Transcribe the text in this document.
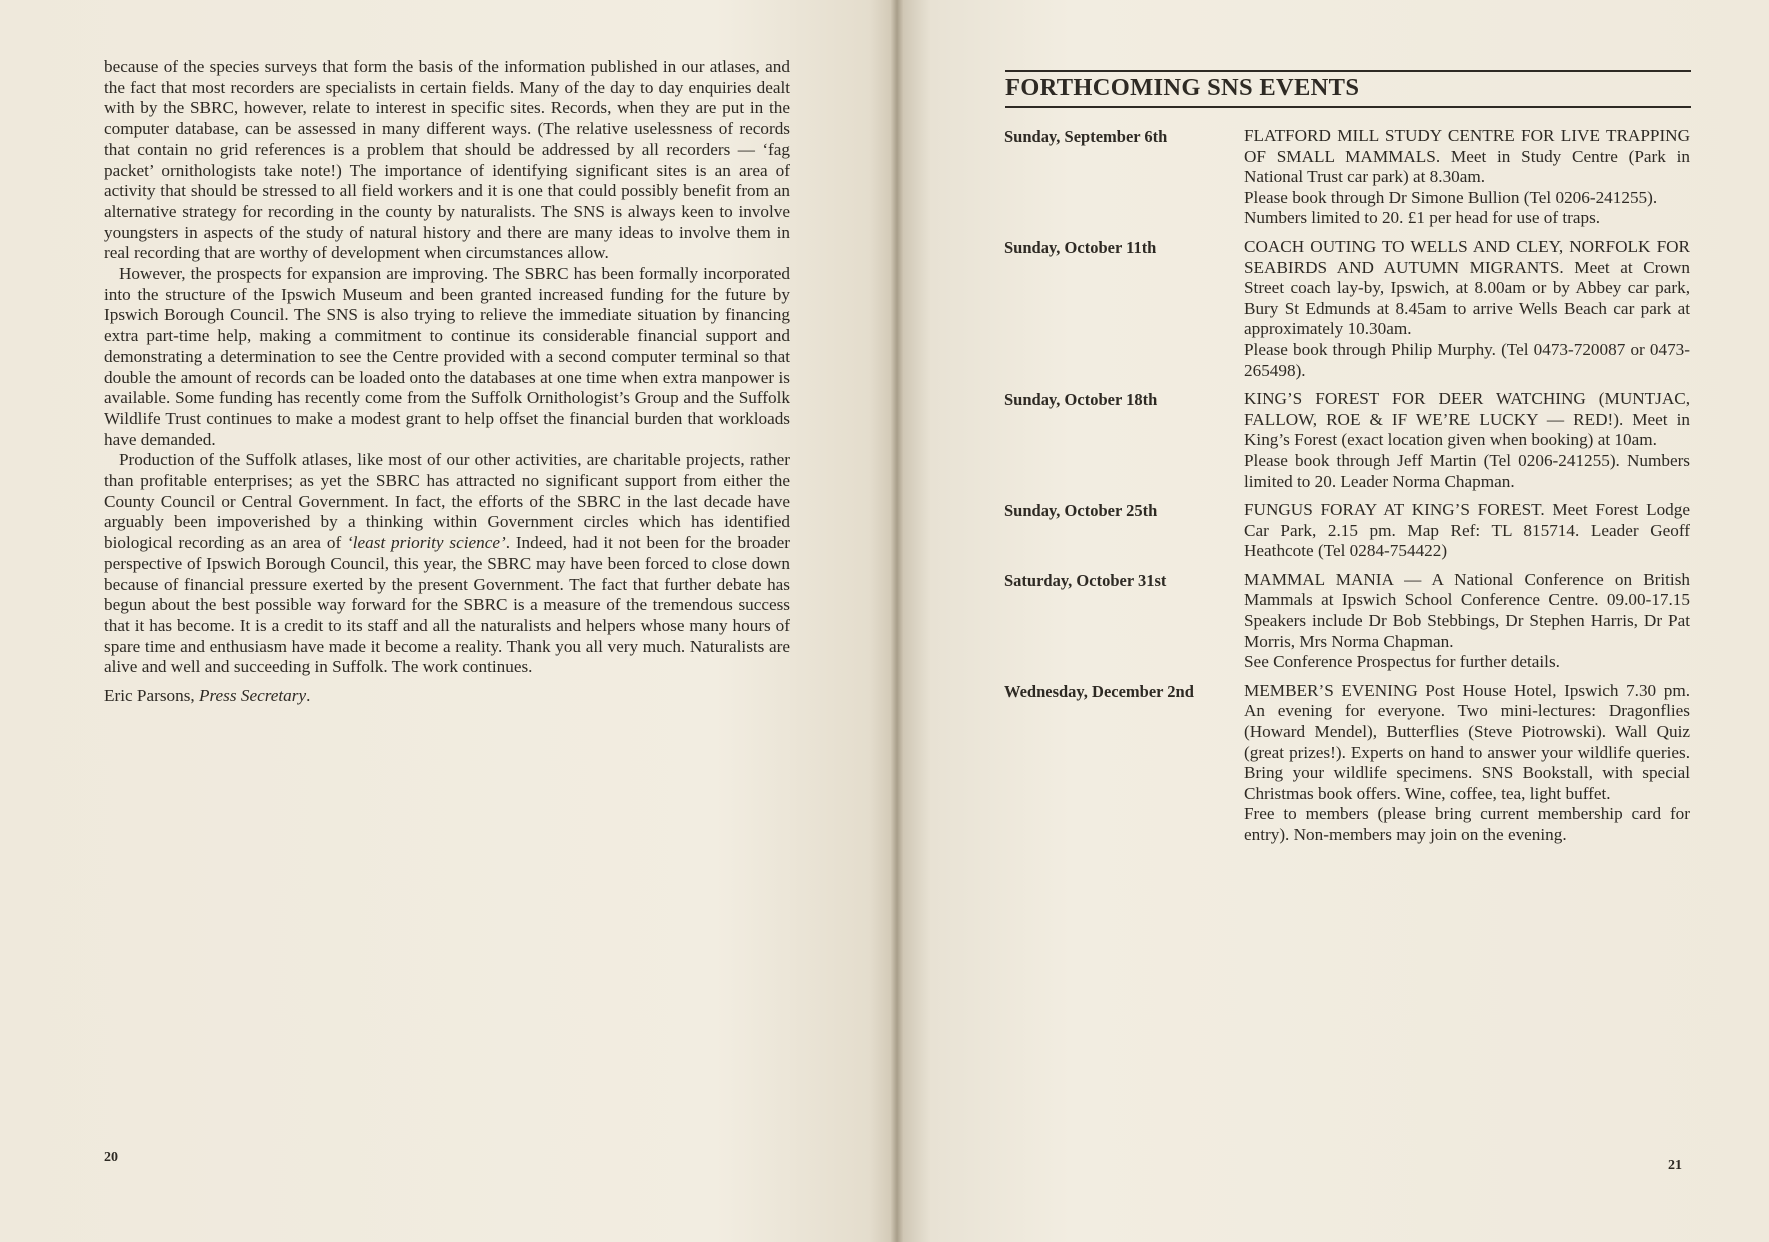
because of the species surveys that form the basis of the information published in our atlases, and the fact that most recorders are specialists in certain fields. Many of the day to day enquiries dealt with by the SBRC, however, relate to interest in specific sites. Records, when they are put in the computer database, can be assessed in many different ways. (The relative uselessness of records that contain no grid references is a problem that should be addressed by all recorders — ‘fag packet’ ornithologists take note!) The importance of identifying significant sites is an area of activity that should be stressed to all field workers and it is one that could possibly benefit from an alternative strategy for recording in the county by naturalists. The SNS is always keen to involve youngsters in aspects of the study of natural history and there are many ideas to involve them in real recording that are worthy of development when circumstances allow.

However, the prospects for expansion are improving. The SBRC has been formally incorporated into the structure of the Ipswich Museum and been granted increased funding for the future by Ipswich Borough Council. The SNS is also trying to relieve the immediate situation by financing extra part-time help, making a commitment to continue its considerable financial support and demonstrating a determination to see the Centre provided with a second computer terminal so that double the amount of records can be loaded onto the databases at one time when extra manpower is available. Some funding has recently come from the Suffolk Ornithologist’s Group and the Suffolk Wildlife Trust continues to make a modest grant to help offset the financial burden that workloads have demanded.

Production of the Suffolk atlases, like most of our other activities, are charitable projects, rather than profitable enterprises; as yet the SBRC has attracted no significant support from either the County Council or Central Government. In fact, the efforts of the SBRC in the last decade have arguably been impoverished by a thinking within Government circles which has identified biological recording as an area of ‘least priority science’. Indeed, had it not been for the broader perspective of Ipswich Borough Council, this year, the SBRC may have been forced to close down because of financial pressure exerted by the present Government. The fact that further debate has begun about the best possible way forward for the SBRC is a measure of the tremendous success that it has become. It is a credit to its staff and all the naturalists and helpers whose many hours of spare time and enthusiasm have made it become a reality. Thank you all very much. Naturalists are alive and well and succeeding in Suffolk. The work continues.

Eric Parsons, Press Secretary.

20
21
FORTHCOMING SNS EVENTS
Sunday, September 6th	FLATFORD MILL STUDY CENTRE FOR LIVE TRAPPING OF SMALL MAMMALS. Meet in Study Centre (Park in National Trust car park) at 8.30am.

Please book through Dr Simone Bullion (Tel 0206-241255).

Numbers limited to 20. £1 per head for use of traps.

Sunday, October 11th	COACH OUTING TO WELLS AND CLEY, NORFOLK FOR SEABIRDS AND AUTUMN MIGRANTS. Meet at Crown Street coach lay-by, Ipswich, at 8.00am or by Abbey car park, Bury St Edmunds at 8.45am to arrive Wells Beach car park at approximately 10.30am.

Please book through Philip Murphy. (Tel 0473-720087 or 0473-265498).

Sunday, October 18th	KING’S FOREST FOR DEER WATCHING (MUNTJAC, FALLOW, ROE & IF WE’RE LUCKY — RED!). Meet in King’s Forest (exact location given when booking) at 10am.

Please book through Jeff Martin (Tel 0206-241255). Numbers limited to 20. Leader Norma Chapman.

Sunday, October 25th	FUNGUS FORAY AT KING’S FOREST. Meet Forest Lodge Car Park, 2.15 pm. Map Ref: TL 815714. Leader Geoff Heathcote (Tel 0284-754422)

Saturday, October 31st	MAMMAL MANIA — A National Conference on British Mammals at Ipswich School Conference Centre. 09.00-17.15 Speakers include Dr Bob Stebbings, Dr Stephen Harris, Dr Pat Morris, Mrs Norma Chapman.

See Conference Prospectus for further details.

Wednesday, December 2nd	MEMBER’S EVENING Post House Hotel, Ipswich 7.30 pm. An evening for everyone. Two mini-lectures: Dragonflies (Howard Mendel), Butterflies (Steve Piotrowski). Wall Quiz (great prizes!). Experts on hand to answer your wildlife queries. Bring your wildlife specimens. SNS Bookstall, with special Christmas book offers. Wine, coffee, tea, light buffet.

Free to members (please bring current membership card for entry). Non-members may join on the evening.
